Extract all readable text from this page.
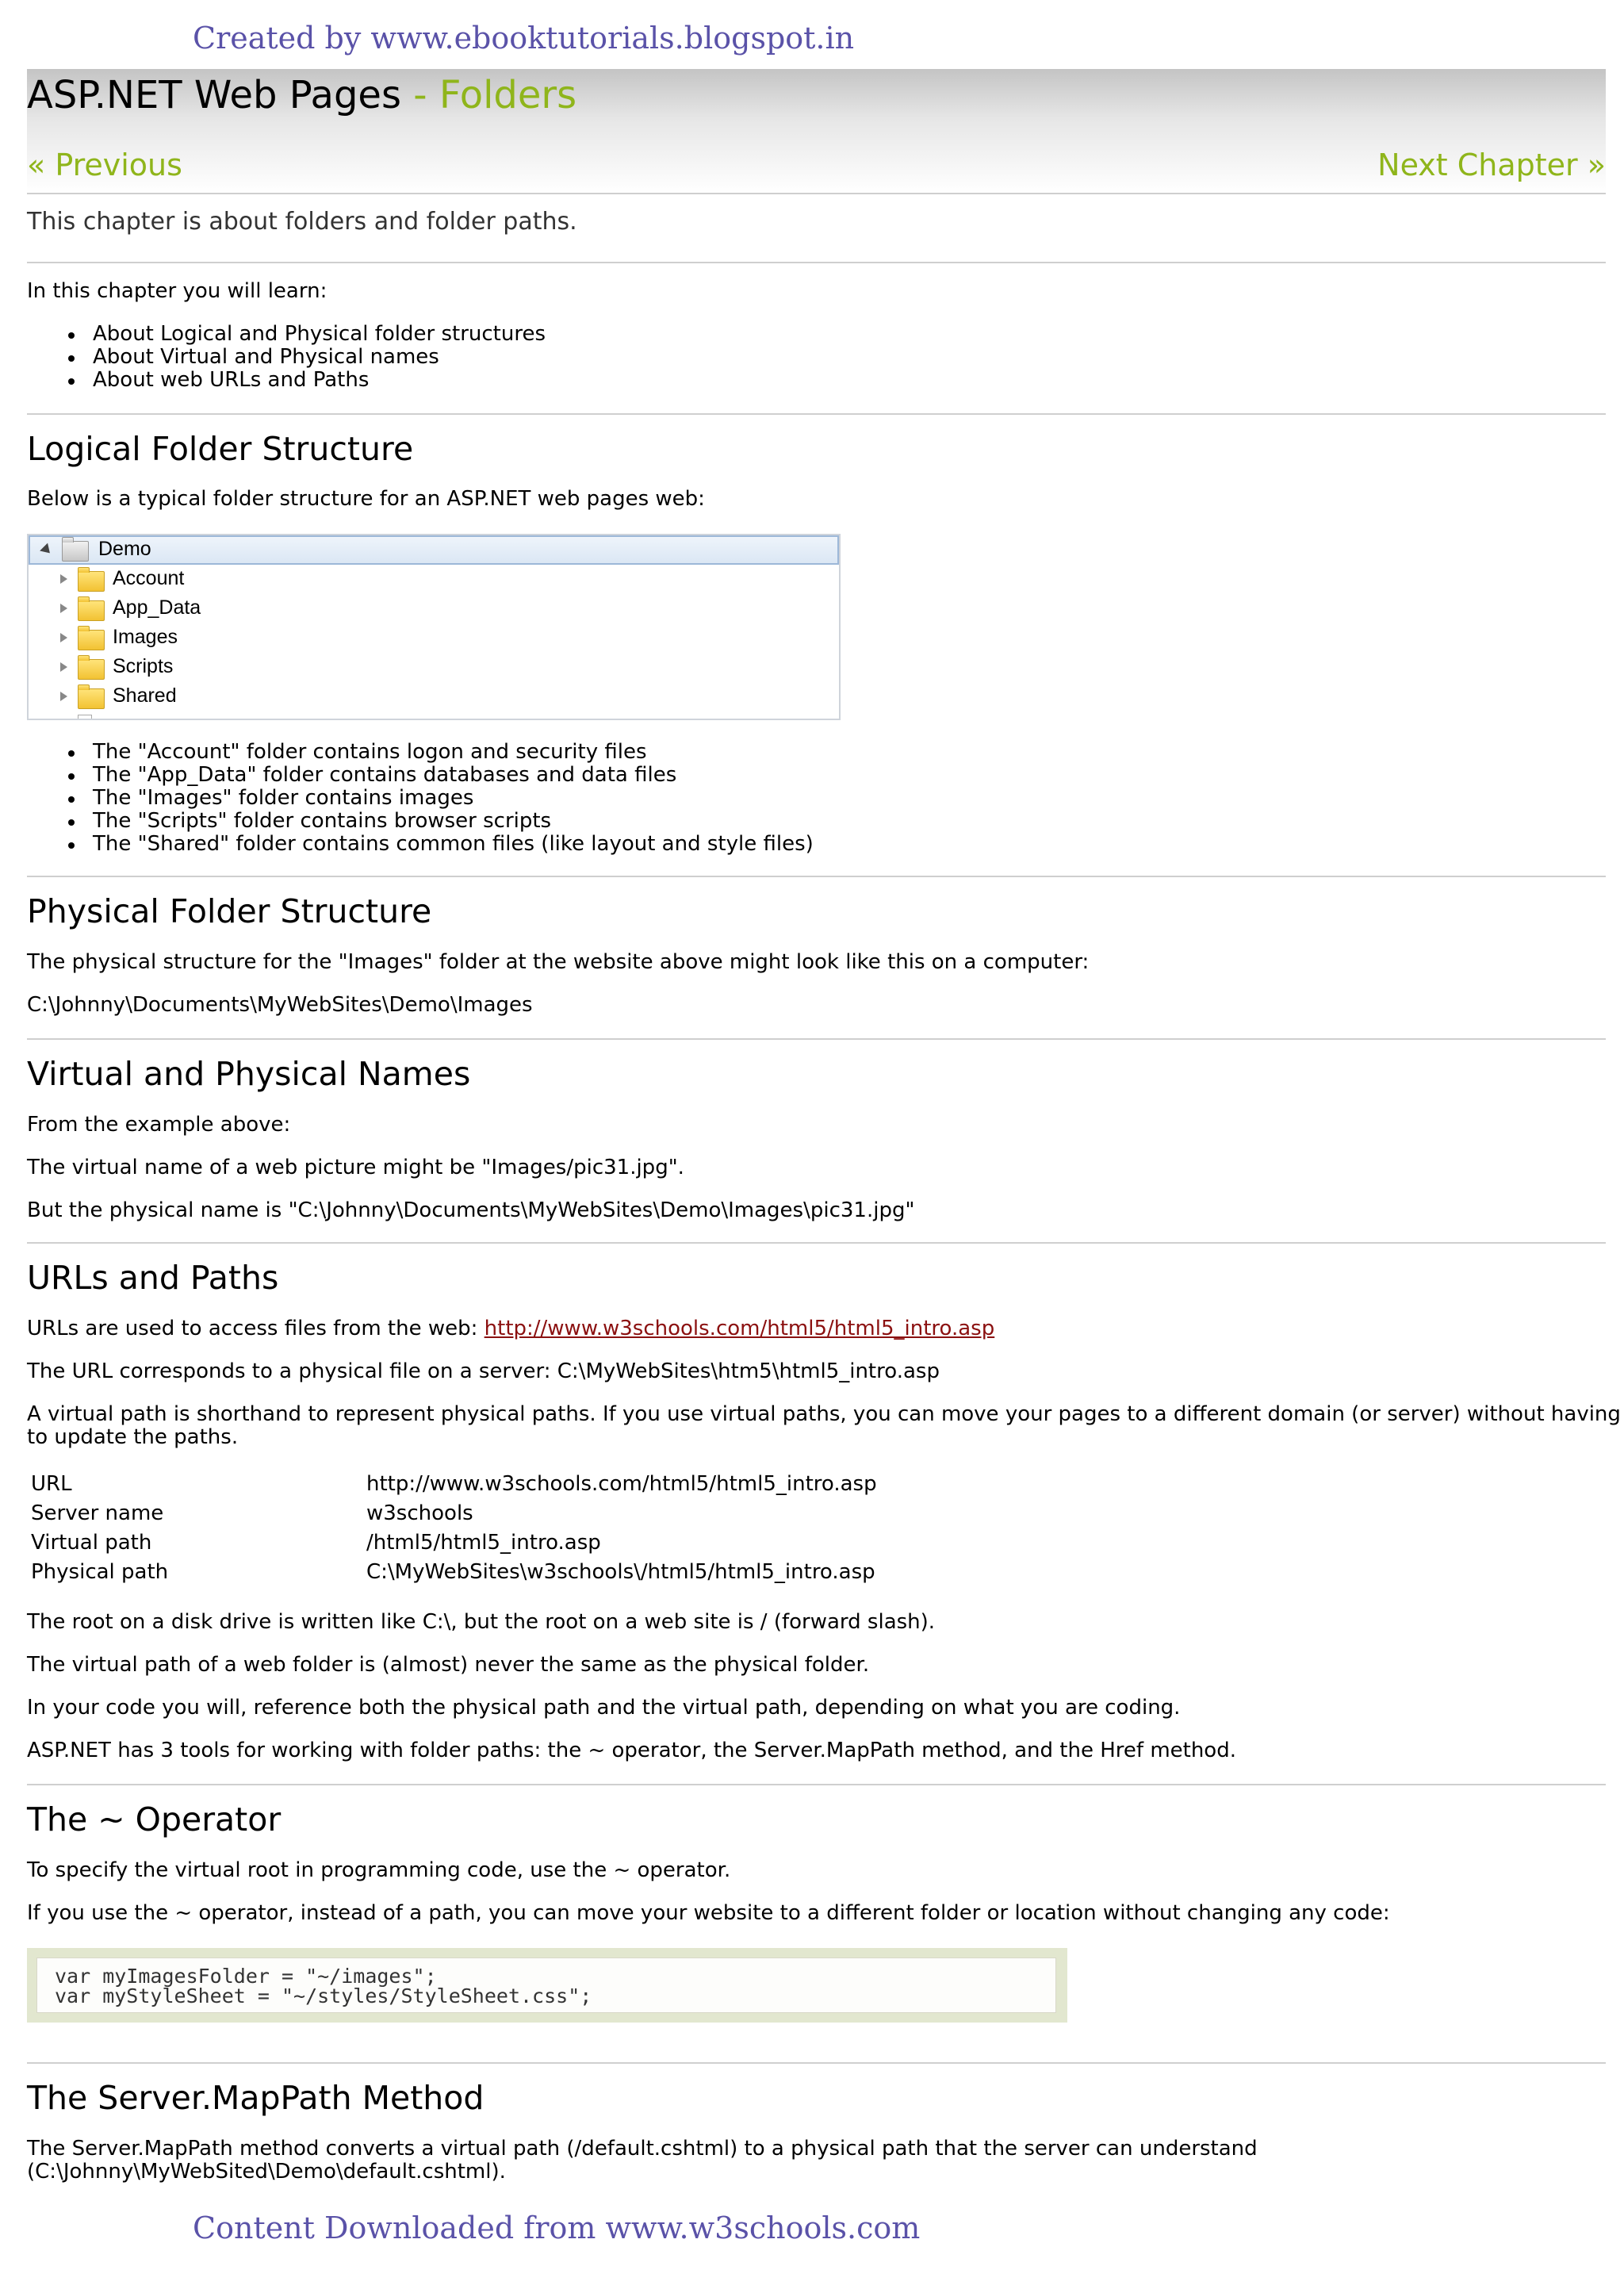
Created by www.ebooktutorials.blogspot.in
ASP.NET Web Pages - Folders
« Previous	Next Chapter »
This chapter is about folders and folder paths.
In this chapter you will learn:
About Logical and Physical folder structures
About Virtual and Physical names
About web URLs and Paths
Logical Folder Structure
Below is a typical folder structure for an ASP.NET web pages web:
Demo
Account
App_Data
Images
Scripts
Shared
The "Account" folder contains logon and security files
The "App_Data" folder contains databases and data files
The "Images" folder contains images
The "Scripts" folder contains browser scripts
The "Shared" folder contains common files (like layout and style files)
Physical Folder Structure
The physical structure for the "Images" folder at the website above might look like this on a computer:
C:\Johnny\Documents\MyWebSites\Demo\Images
Virtual and Physical Names
From the example above:
The virtual name of a web picture might be "Images/pic31.jpg".
But the physical name is "C:\Johnny\Documents\MyWebSites\Demo\Images\pic31.jpg"
URLs and Paths
URLs are used to access files from the web: http://www.w3schools.com/html5/html5_intro.asp
The URL corresponds to a physical file on a server: C:\MyWebSites\htm5\html5_intro.asp
A virtual path is shorthand to represent physical paths. If you use virtual paths, you can move your pages to a different domain (or server) without having
to update the paths.
URL	http://www.w3schools.com/html5/html5_intro.asp
Server name	w3schools
Virtual path	/html5/html5_intro.asp
Physical path	C:\MyWebSites\w3schools\/html5/html5_intro.asp
The root on a disk drive is written like C:\, but the root on a web site is / (forward slash).
The virtual path of a web folder is (almost) never the same as the physical folder.
In your code you will, reference both the physical path and the virtual path, depending on what you are coding.
ASP.NET has 3 tools for working with folder paths: the ~ operator, the Server.MapPath method, and the Href method.
The ~ Operator
To specify the virtual root in programming code, use the ~ operator.
If you use the ~ operator, instead of a path, you can move your website to a different folder or location without changing any code:
var myImagesFolder = "~/images";
var myStyleSheet = "~/styles/StyleSheet.css";
The Server.MapPath Method
The Server.MapPath method converts a virtual path (/default.cshtml) to a physical path that the server can understand
(C:\Johnny\MyWebSited\Demo\default.cshtml).
Content Downloaded from www.w3schools.com
